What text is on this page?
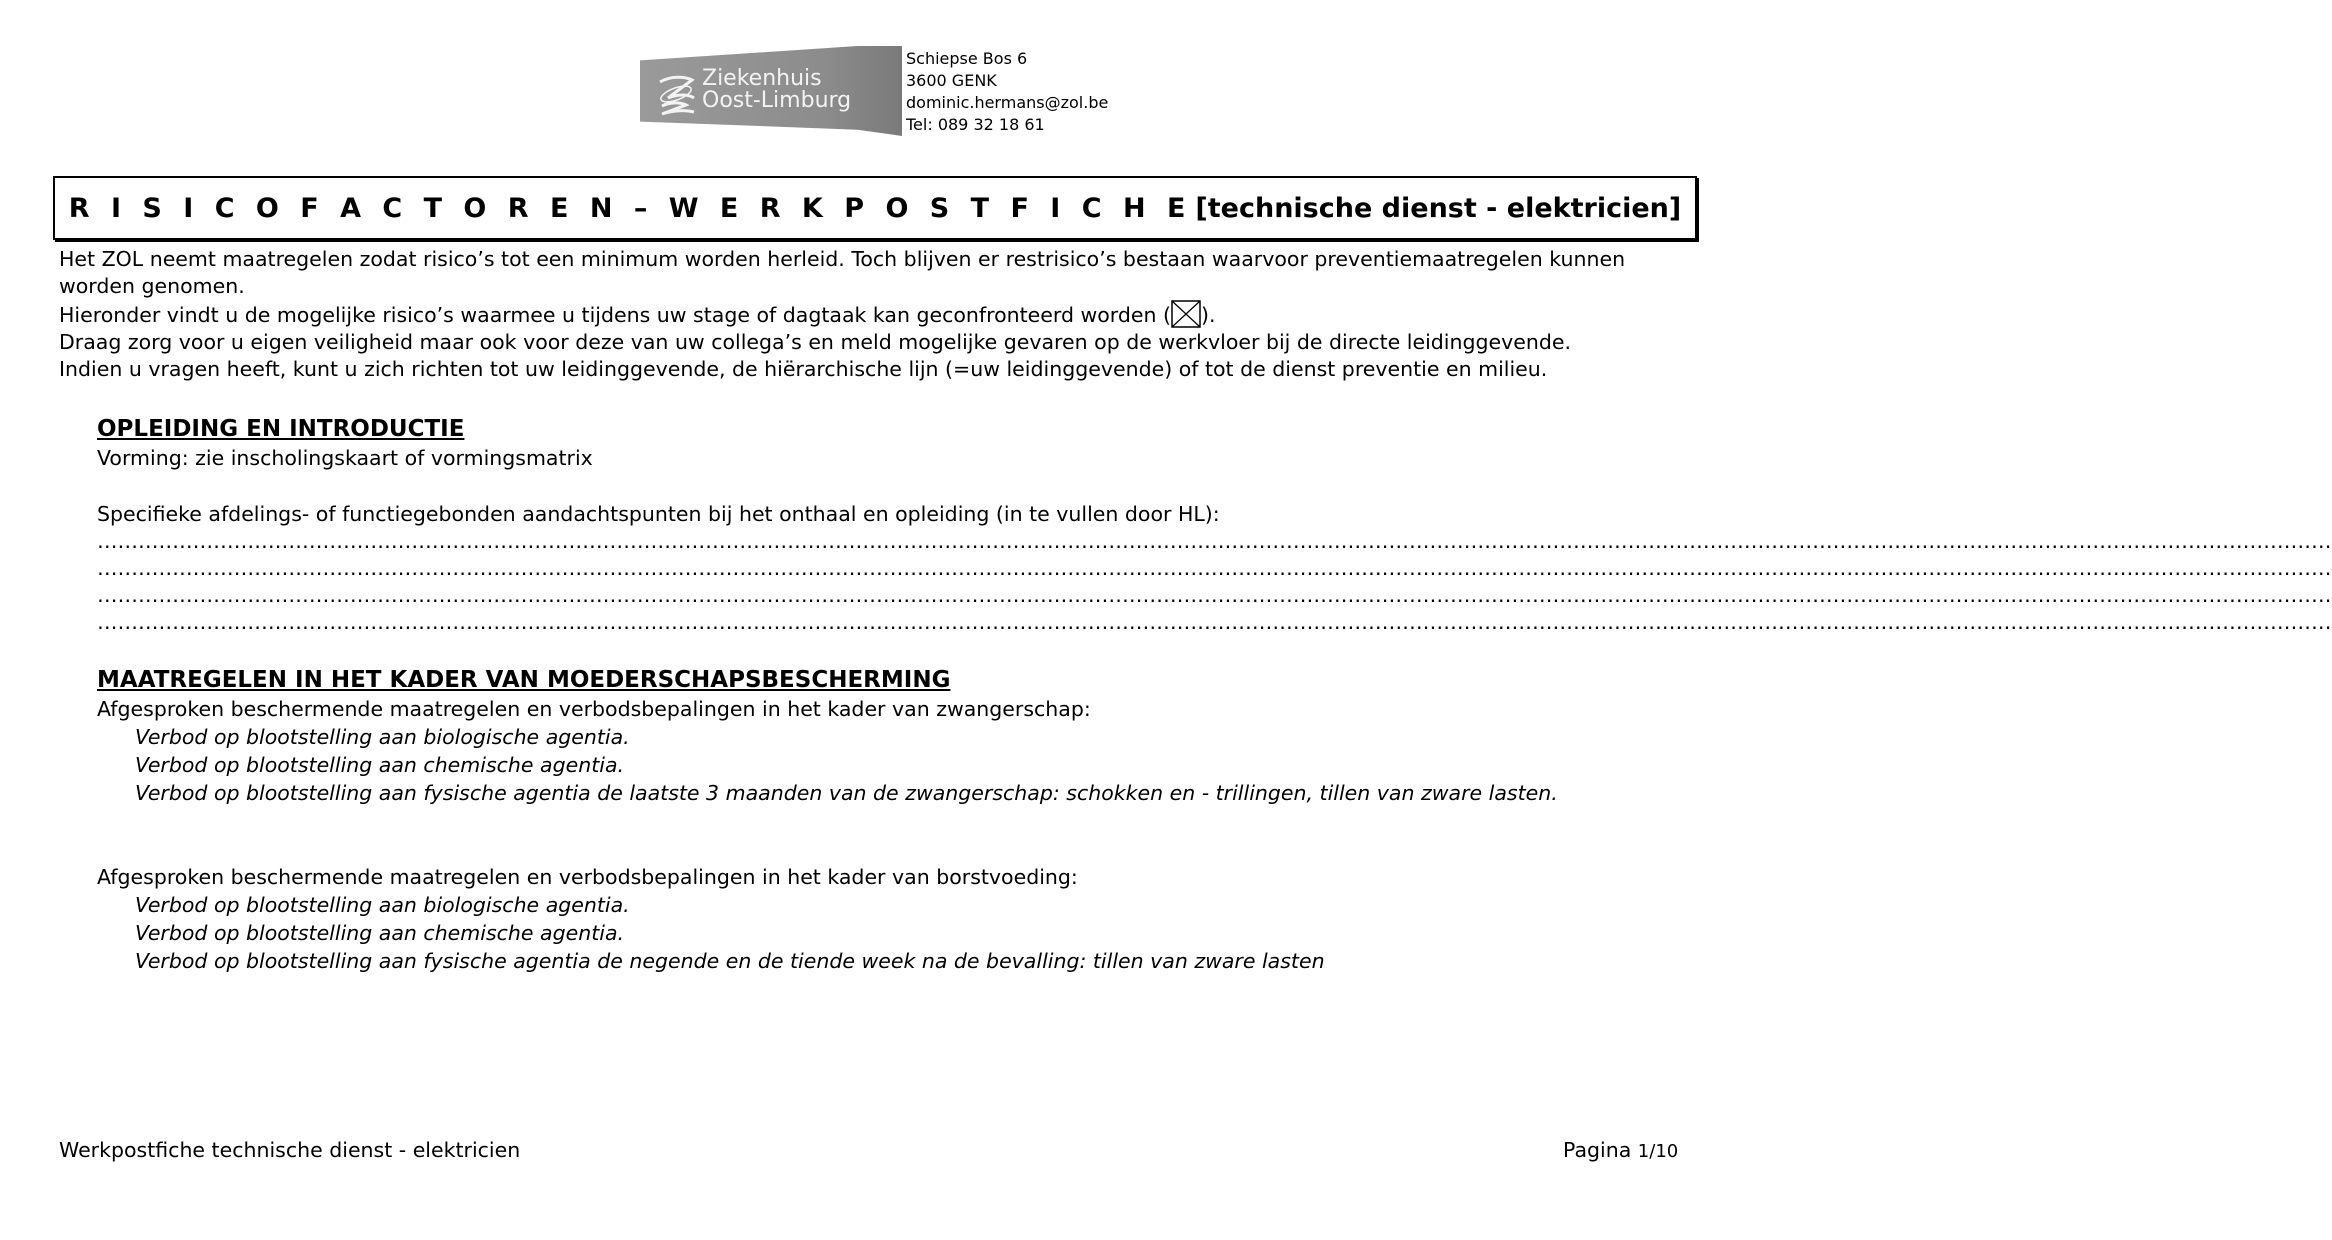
Ziekenhuis
Oost-Limburg
Schiepse Bos 6
3600 GENK
dominic.hermans@zol.be
Tel: 089 32 18 61
R I S I C O F A C T O R E N – W E R K P O S T F I C H E [technische dienst - elektricien]

Het ZOL neemt maatregelen zodat risico’s tot een minimum worden herleid. Toch blijven er restrisico’s bestaan waarvoor preventiemaatregelen kunnen worden genomen.

Hieronder vindt u de mogelijke risico’s waarmee u tijdens uw stage of dagtaak kan geconfronteerd worden ( ).

Draag zorg voor u eigen veiligheid maar ook voor deze van uw collega’s en meld mogelijke gevaren op de werkvloer bij de directe leidinggevende.

Indien u vragen heeft, kunt u zich richten tot uw leidinggevende, de hiërarchische lijn (=uw leidinggevende) of tot de dienst preventie en milieu.

OPLEIDING EN INTRODUCTIE

Vorming: zie inscholingskaart of vormingsmatrix

Specifieke afdelings- of functiegebonden aandachtspunten bij het onthaal en opleiding (in te vullen door HL):

…………………………………………………………………………………………………………………………………………………………………………………………………………………………………………………………………………………………………
…………………………………………………………………………………………………………………………………………………………………………………………………………………………………………………………………………………………………
…………………………………………………………………………………………………………………………………………………………………………………………………………………………………………………………………………………………………
…………………………………………………………………………………………………………………………………………………………………………………………………………………………………………………………………………………………………
MAATREGELEN IN HET KADER VAN MOEDERSCHAPSBESCHERMING

Afgesproken beschermende maatregelen en verbodsbepalingen in het kader van zwangerschap:

Verbod op blootstelling aan biologische agentia.

Verbod op blootstelling aan chemische agentia.

Verbod op blootstelling aan fysische agentia de laatste 3 maanden van de zwangerschap: schokken en - trillingen, tillen van zware lasten.

Afgesproken beschermende maatregelen en verbodsbepalingen in het kader van borstvoeding:

Verbod op blootstelling aan biologische agentia.

Verbod op blootstelling aan chemische agentia.

Verbod op blootstelling aan fysische agentia de negende en de tiende week na de bevalling: tillen van zware lasten

Werkpostfiche technische dienst - elektricien	Pagina 1/10
